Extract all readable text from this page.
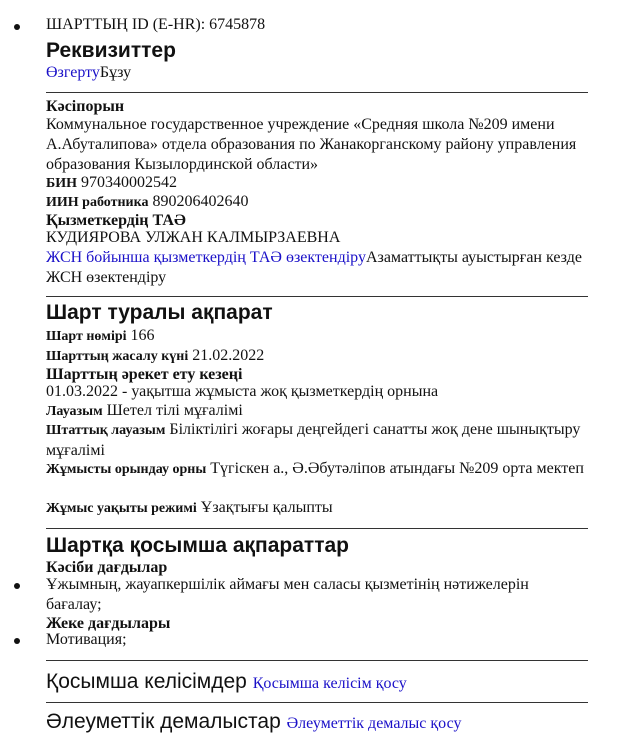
ШАРТТЫҢ ID (E-HR): 6745878
Реквизиттер
ӨзгертуБұзу
Кәсіпорын
Коммунальное государственное учреждение «Средняя школа №209 имени А.Абуталипова» отдела образования по Жанакорганскому району управления образования Кызылординской области»
БИН 970340002542
ИИН работника 890206402640
Қызметкердің ТАӘ
КУДИЯРОВА УЛЖАН КАЛМЫРЗАЕВНА
ЖСН бойынша қызметкердің ТАӘ өзектендіруАзаматтықты ауыстырған кезде ЖСН өзектендіру
Шарт туралы ақпарат
Шарт нөмірі 166
Шарттың жасалу күні 21.02.2022
Шарттың әрекет ету кезеңі
01.03.2022 - уақытша жұмыста жоқ қызметкердің орнына
Лауазым Шетел тілі мұғалімі
Штаттық лауазым Біліктілігі жоғары деңгейдегі санатты жоқ дене шынықтыру мұғалімі
Жұмысты орындау орны Түгіскен а., Ә.Әбутәліпов атындағы №209 орта мектеп
Жұмыс уақыты режимі Ұзақтығы қалыпты
Шартқа қосымша ақпараттар
Кәсіби дағдылар
Ұжымның, жауапкершілік аймағы мен саласы қызметінің нәтижелерін бағалау;
Жеке дағдылары
Мотивация;
Қосымша келісімдер Қосымша келісім қосу
Әлеуметтік демалыстар Әлеуметтік демалыс қосу
